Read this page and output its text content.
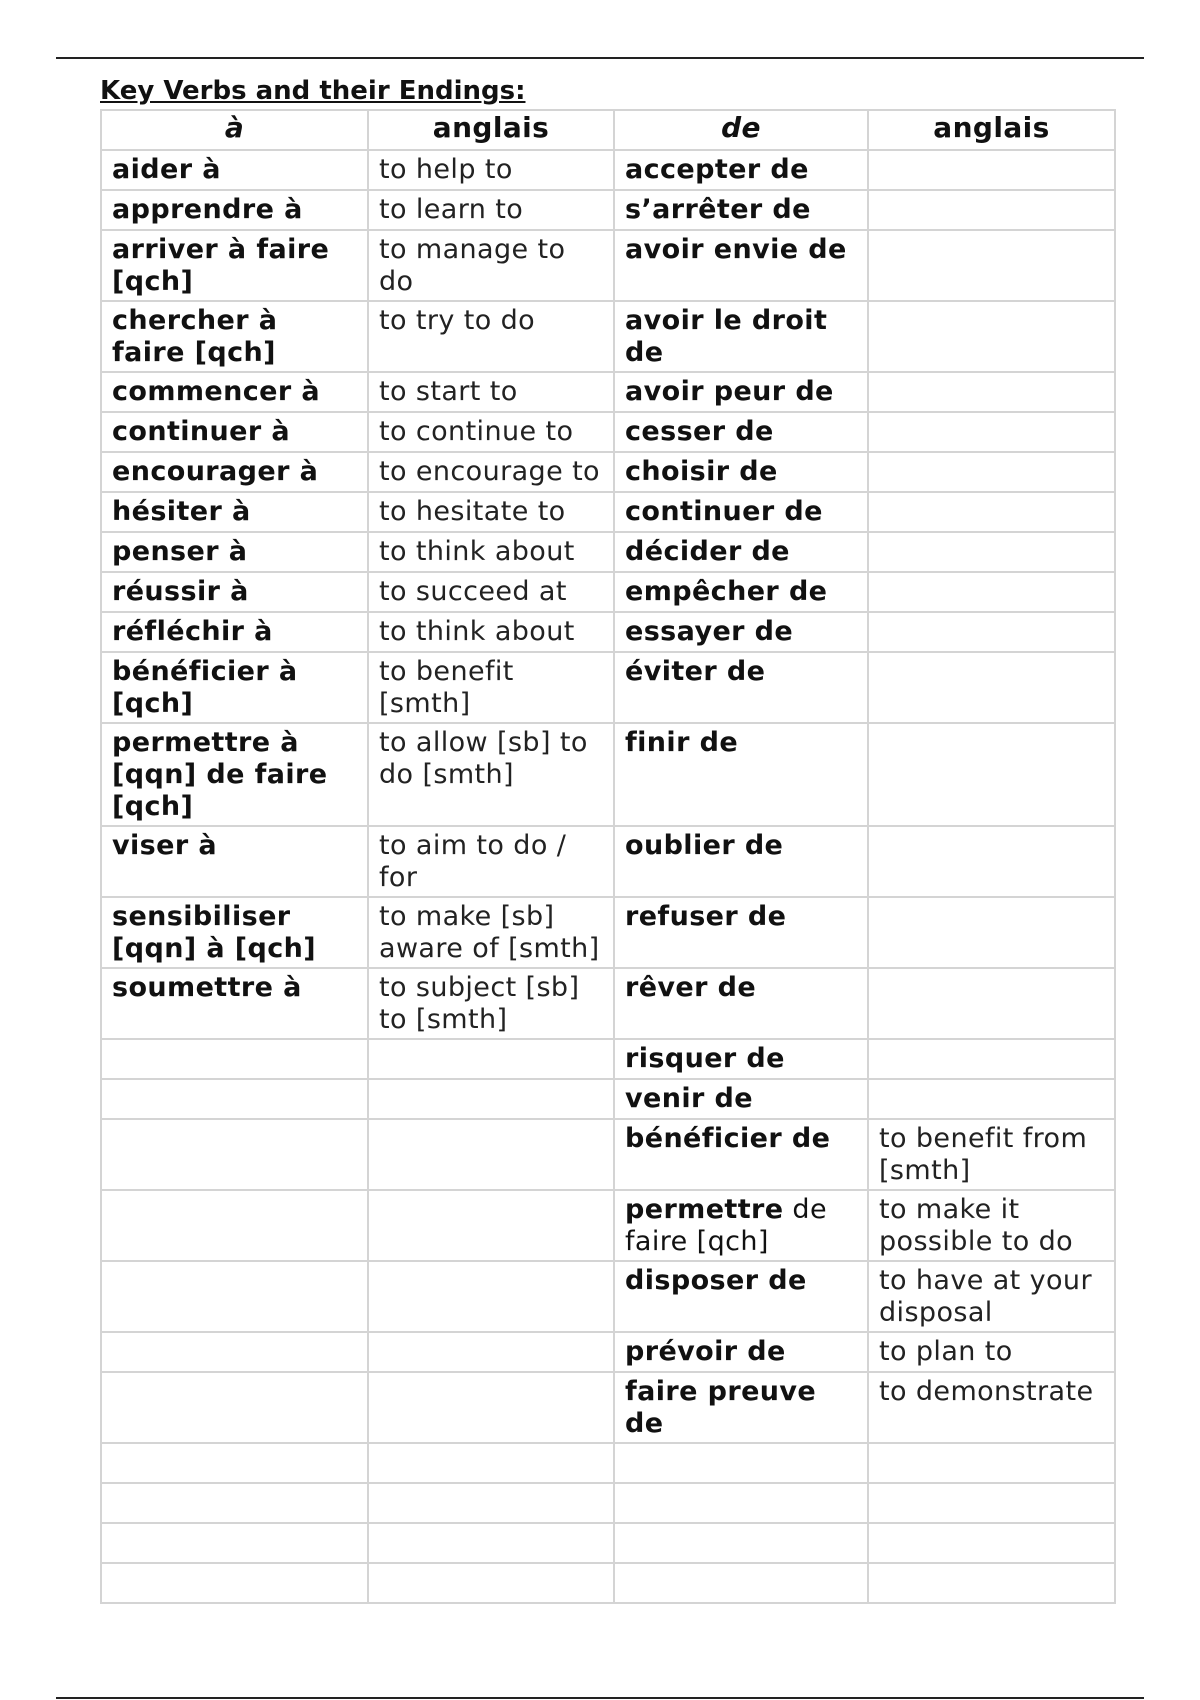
Key Verbs and their Endings:
à	anglais	de	anglais
aider à	to help to	accepter de	
apprendre à	to learn to	s’arrêter de	
arriver à faire [qch]	to manage to do	avoir envie de	
chercher à faire [qch]	to try to do	avoir le droit de	
commencer à	to start to	avoir peur de	
continuer à	to continue to	cesser de	
encourager à	to encourage to	choisir de	
hésiter à	to hesitate to	continuer de	
penser à	to think about	décider de	
réussir à	to succeed at	empêcher de	
réfléchir à	to think about	essayer de	
bénéficier à [qch]	to benefit [smth]	éviter de	
permettre à [qqn] de faire [qch]	to allow [sb] to do [smth]	finir de	
viser à	to aim to do / for	oublier de	
sensibiliser [qqn] à [qch]	to make [sb] aware of [smth]	refuser de	
soumettre à	to subject [sb] to [smth]	rêver de	
		risquer de	
		venir de	
		bénéficier de	to benefit from [smth]
		permettre de faire [qch]	to make it possible to do
		disposer de	to have at your disposal
		prévoir de	to plan to
		faire preuve de	to demonstrate
